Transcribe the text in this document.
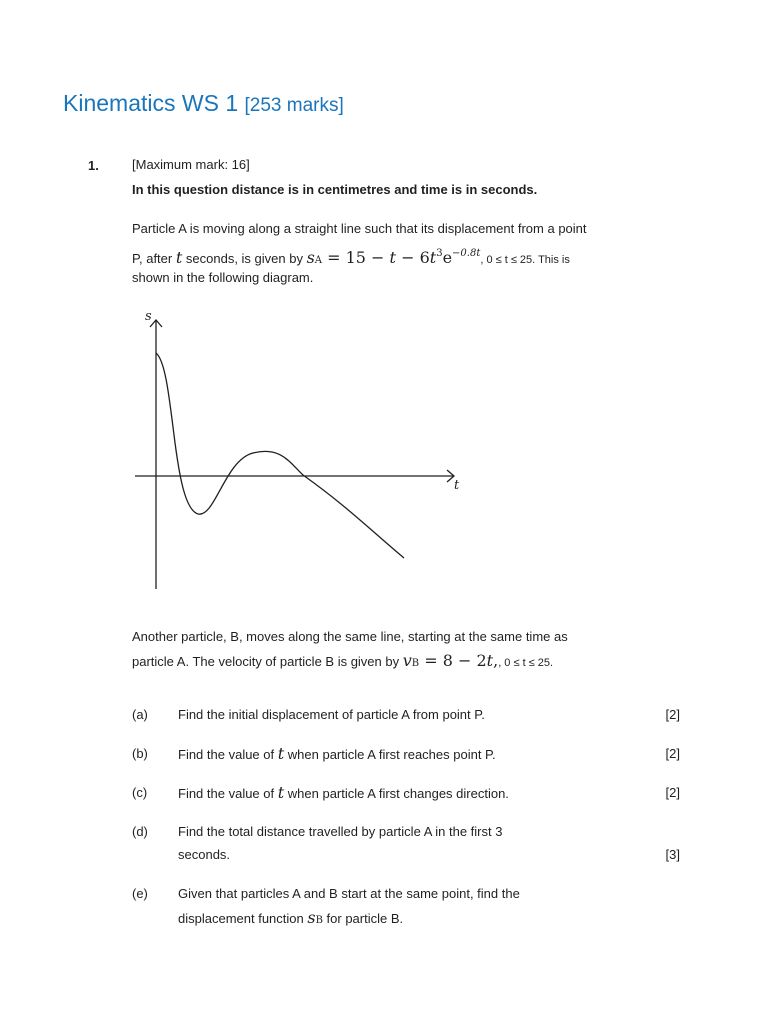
Kinematics WS 1 [253 marks]
1.	[Maximum mark: 16]
In this question distance is in centimetres and time is in seconds.
Particle A is moving along a straight line such that its displacement from a point
P, after t seconds, is given by sA = $15 - t - 6t^3e^{-0.8t}$, 0 ≤ t ≤ 25. This is
shown in the following diagram.
s
t
Another particle, B, moves along the same line, starting at the same time as
particle A. The velocity of particle B is given by vB = 8 − 2t,, 0 ≤ t ≤ 25.
(a) Find the initial displacement of particle A from point P.	[2]
(b) Find the value of t when particle A first reaches point P.	[2]
(c) Find the value of t when particle A first changes direction.	[2]
(d) Find the total distance travelled by particle A in the first 3
seconds.	[3]
(e) Given that particles A and B start at the same point, find the
displacement function sB for particle B.
